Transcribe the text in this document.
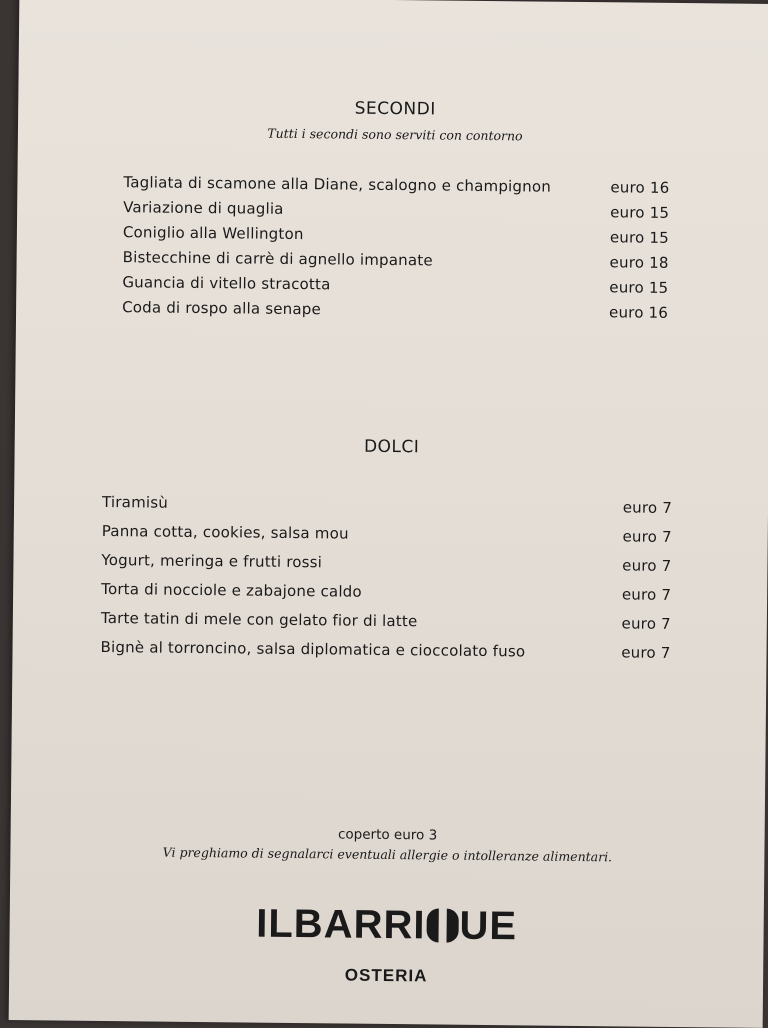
SECONDI
Tutti i secondi sono serviti con contorno
Tagliata di scamone alla Diane, scalogno e champignon	euro 16
Variazione di quaglia	euro 15
Coniglio alla Wellington	euro 15
Bistecchine di carrè di agnello impanate	euro 18
Guancia di vitello stracotta	euro 15
Coda di rospo alla senape	euro 16
DOLCI
Tiramisù	euro 7
Panna cotta, cookies, salsa mou	euro 7
Yogurt, meringa e frutti rossi	euro 7
Torta di nocciole e zabajone caldo	euro 7
Tarte tatin di mele con gelato fior di latte	euro 7
Bignè al torroncino, salsa diplomatica e cioccolato fuso	euro 7
coperto euro 3
Vi preghiamo di segnalarci eventuali allergie o intolleranze alimentari.
ILBARRI UE
OSTERIA
